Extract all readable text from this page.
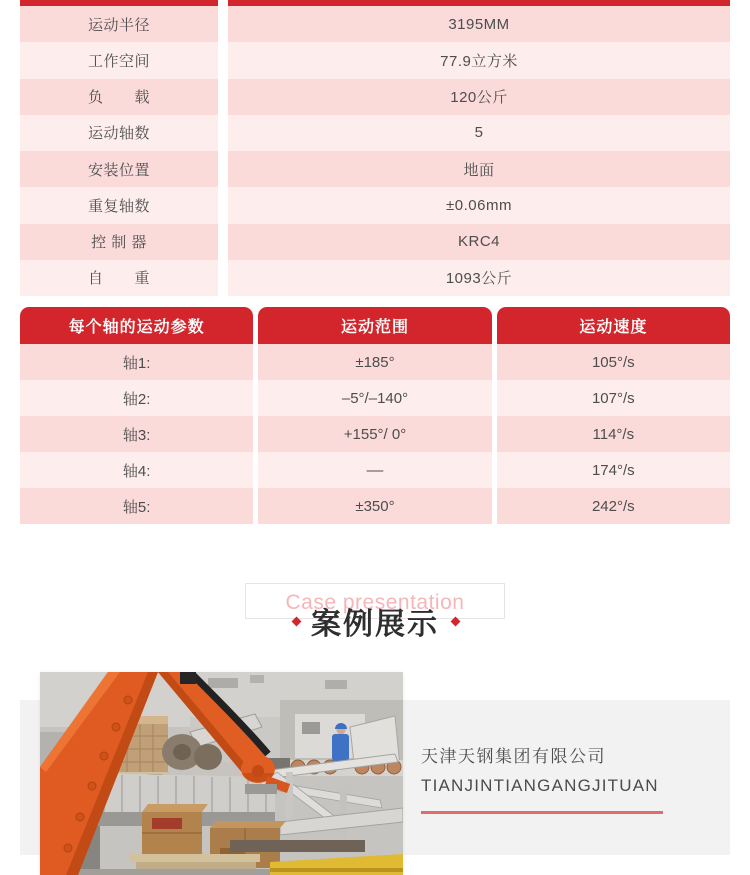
运动半径
工作空间
负　　载
运动轴数
安装位置
重复轴数
控 制 器
自　　重
3195MM
77.9立方米
120公斤
5
地面
±0.06mm
KRC4
1093公斤
每个轴的运动参数
轴1:
轴2:
轴3:
轴4:
轴5:
运动范围
±185°
–5°/–140°
+155°/ 0°
––
±350°
运动速度
105°/s
107°/s
114°/s
174°/s
242°/s
Case presentation
案例展示
天津天钢集团有限公司
TIANJINTIANGANGJITUAN
